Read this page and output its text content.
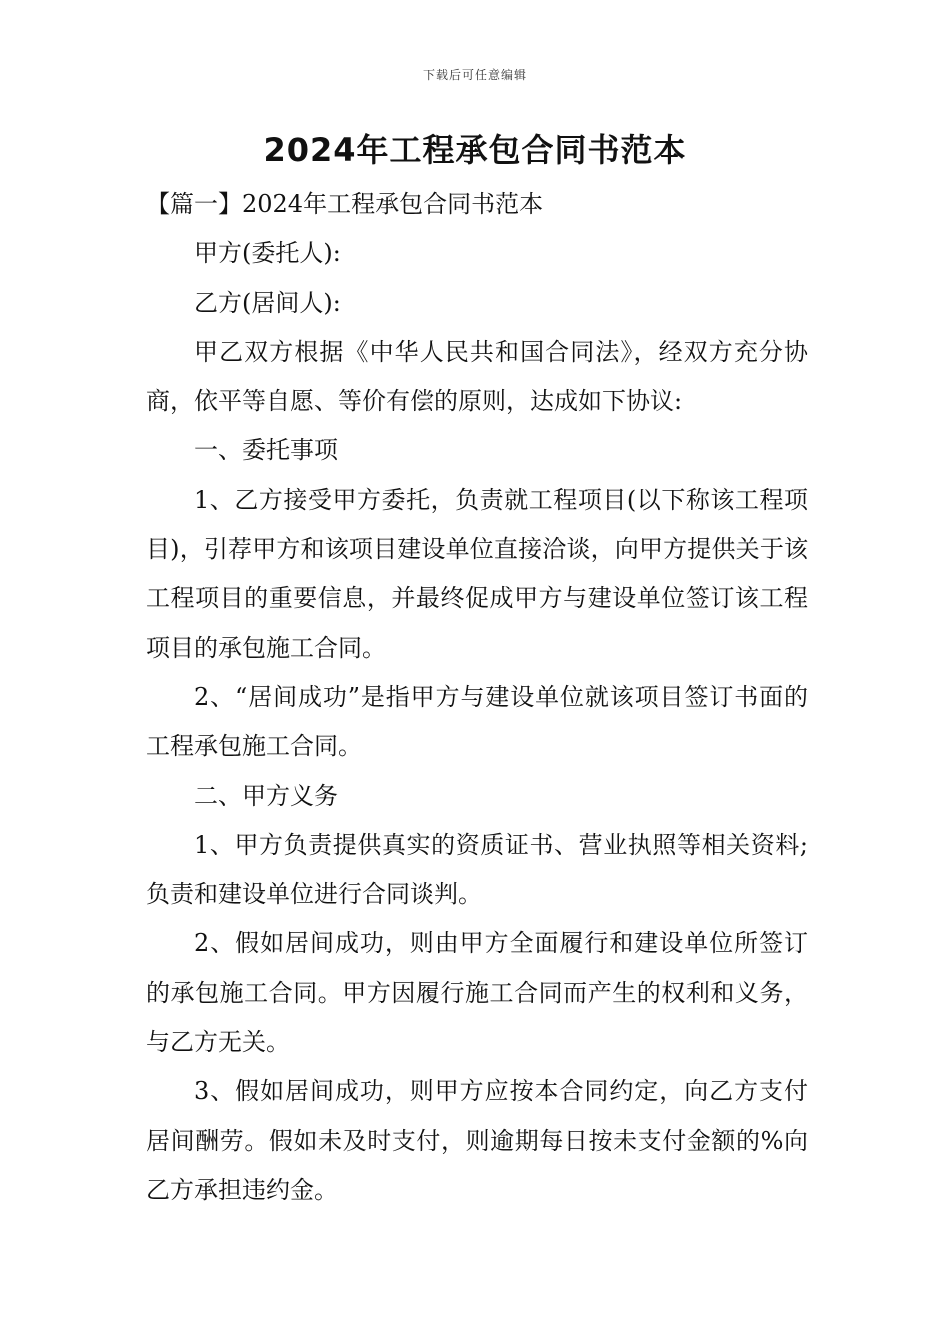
下载后可任意编辑
2024年工程承包合同书范本

【篇一】2024年工程承包合同书范本

甲方(委托人):

乙方(居间人):

甲乙双方根据《中华人民共和国合同法》，经双方充分协商，依平等自愿、等价有偿的原则，达成如下协议:

一、委托事项

1、乙方接受甲方委托，负责就工程项目(以下称该工程项目)，引荐甲方和该项目建设单位直接洽谈，向甲方提供关于该工程项目的重要信息，并最终促成甲方与建设单位签订该工程项目的承包施工合同。

2、“居间成功”是指甲方与建设单位就该项目签订书面的工程承包施工合同。

二、甲方义务

1、甲方负责提供真实的资质证书、营业执照等相关资料;负责和建设单位进行合同谈判。

2、假如居间成功，则由甲方全面履行和建设单位所签订的承包施工合同。甲方因履行施工合同而产生的权利和义务，与乙方无关。

3、假如居间成功，则甲方应按本合同约定，向乙方支付居间酬劳。假如未及时支付，则逾期每日按未支付金额的%向乙方承担违约金。
